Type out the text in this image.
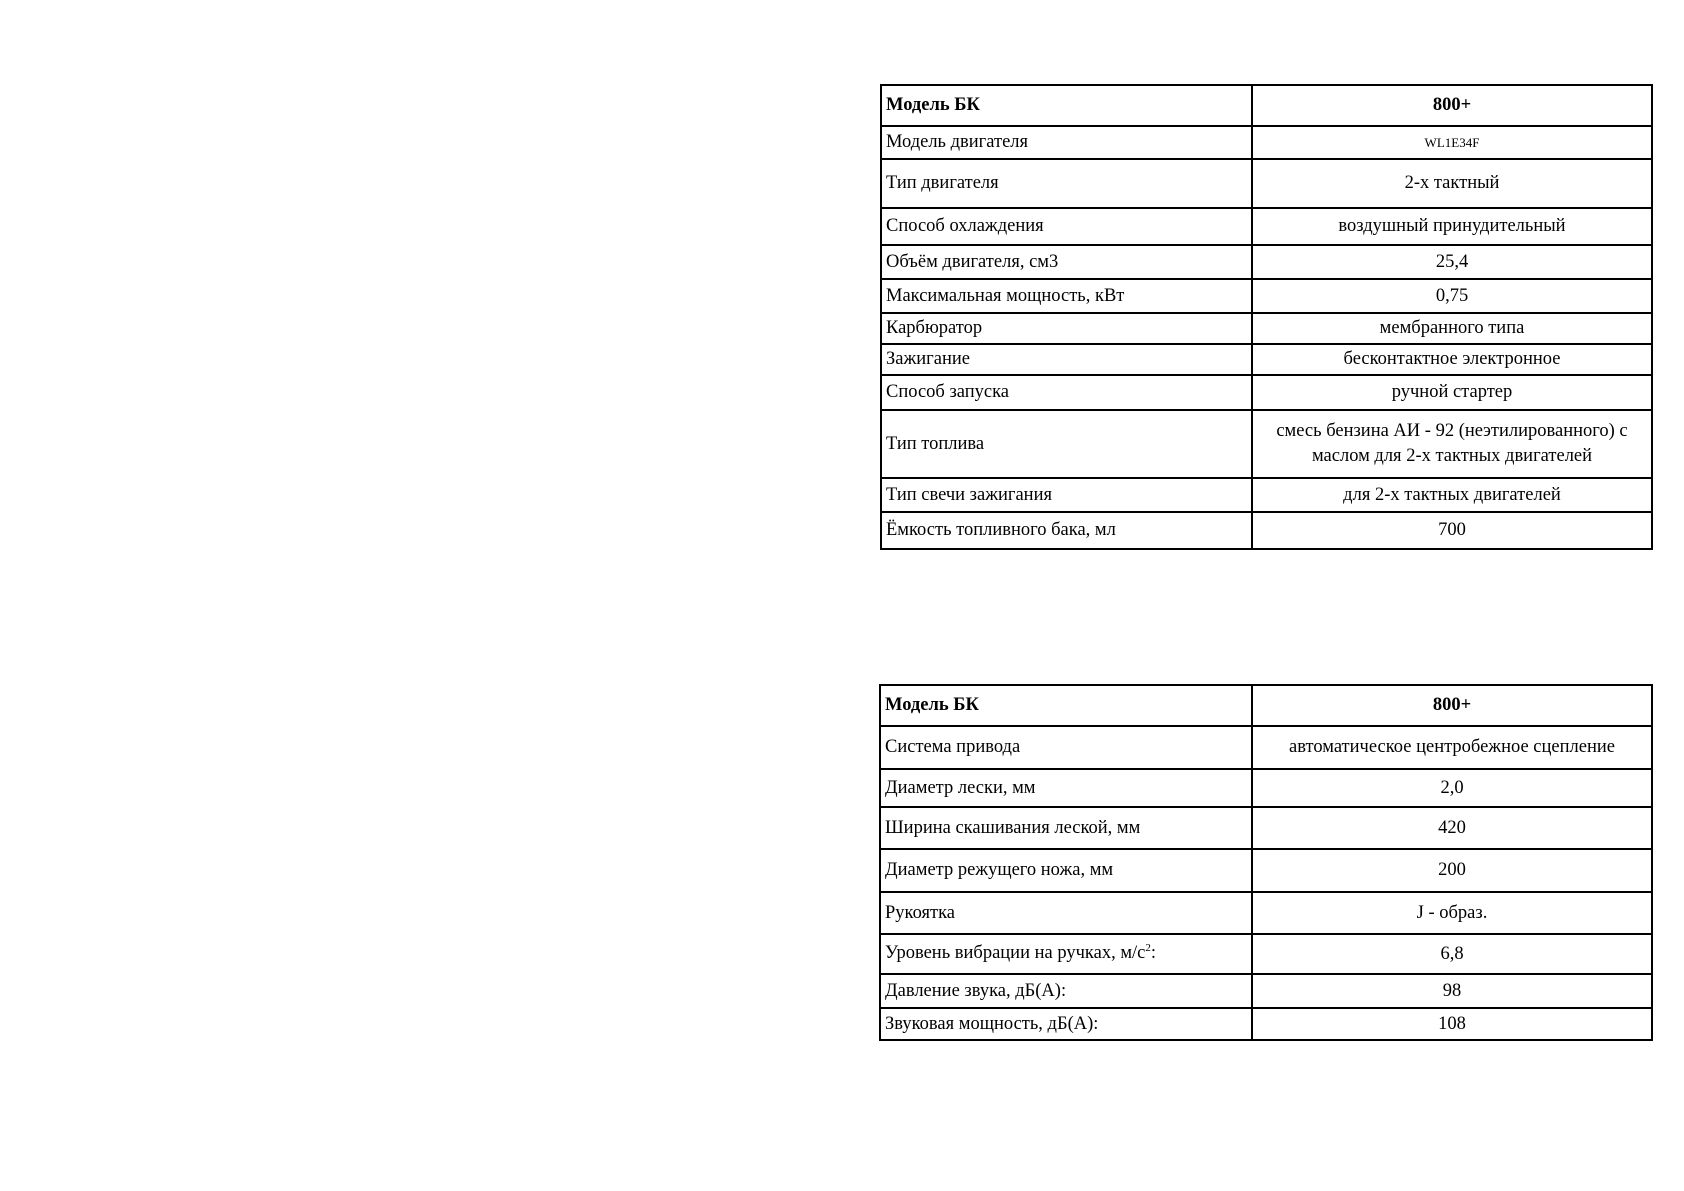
Модель БК	800+
Модель двигателя	WL1E34F
Тип двигателя	2-х тактный
Способ охлаждения	воздушный принудительный
Объём двигателя, см3	25,4
Максимальная мощность, кВт	0,75
Карбюратор	мембранного типа
Зажигание	бесконтактное электронное
Способ запуска	ручной стартер
Тип топлива	смесь бензина АИ - 92 (неэтилированного) с
маслом для 2-х тактных двигателей
Тип свечи зажигания	для 2-х тактных двигателей
Ёмкость топливного бака, мл	700
Модель БК	800+
Система привода	автоматическое центробежное сцепление
Диаметр лески, мм	2,0
Ширина скашивания леской, мм	420
Диаметр режущего ножа, мм	200
Рукоятка	J - образ.
Уровень вибрации на ручках, $м/с^2$:	6,8
Давление звука, дБ(А):	98
Звуковая мощность, дБ(А):	108
